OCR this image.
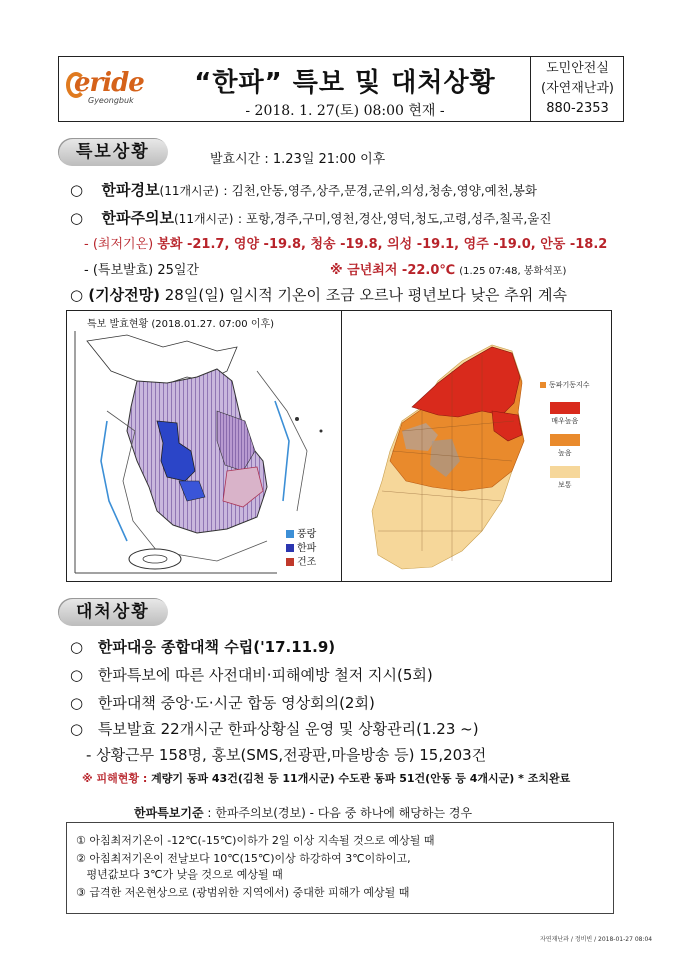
eride
Gyeongbuk
“한파” 특보 및 대처상황
- 2018. 1. 27(토) 08:00 현재 -
도민안전실
(자연재난과)
880-2353
특보상황	발효시간 : 1.23일 21:00 이후
○ 한파경보(11개시군) : 김천,안동,영주,상주,문경,군위,의성,청송,영양,예천,봉화
○ 한파주의보(11개시군) : 포항,경주,구미,영천,경산,영덕,청도,고령,성주,칠곡,울진
- (최저기온) 봉화 -21.7, 영양 -19.8, 청송 -19.8, 의성 -19.1, 영주 -19.0, 안동 -18.2
- (특보발효) 25일간	※ 금년최저 -22.0℃ (1.25 07:48, 봉화석포)
○ (기상전망) 28일(일) 일시적 기온이 조금 오르나 평년보다 낮은 추위 계속
특보 발효현황 (2018.01.27. 07:00 이후)
풍랑
한파
건조
동파기동지수
매우높음
높음
보통
대처상황
○ 한파대응 종합대책 수립('17.11.9)
○ 한파특보에 따른 사전대비·피해예방 철저 지시(5회)
○ 한파대책 중앙·도·시군 합동 영상회의(2회)
○ 특보발효 22개시군 한파상황실 운영 및 상황관리(1.23 ~)
- 상황근무 158명, 홍보(SMS,전광판,마을방송 등) 15,203건
※ 피해현황 : 계량기 동파 43건(김천 등 11개시군) 수도관 동파 51건(안동 등 4개시군) * 조치완료
한파특보기준 : 한파주의보(경보) - 다음 중 하나에 해당하는 경우
① 아침최저기온이 -12℃(-15℃)이하가 2일 이상 지속될 것으로 예상될 때
② 아침최저기온이 전날보다 10℃(15℃)이상 하강하여 3℃이하이고,
평년값보다 3℃가 낮을 것으로 예상될 때
③ 급격한 저온현상으로 (광범위한 지역에서) 중대한 피해가 예상될 때
자연재난과 / 정비빈 / 2018-01-27 08:04
